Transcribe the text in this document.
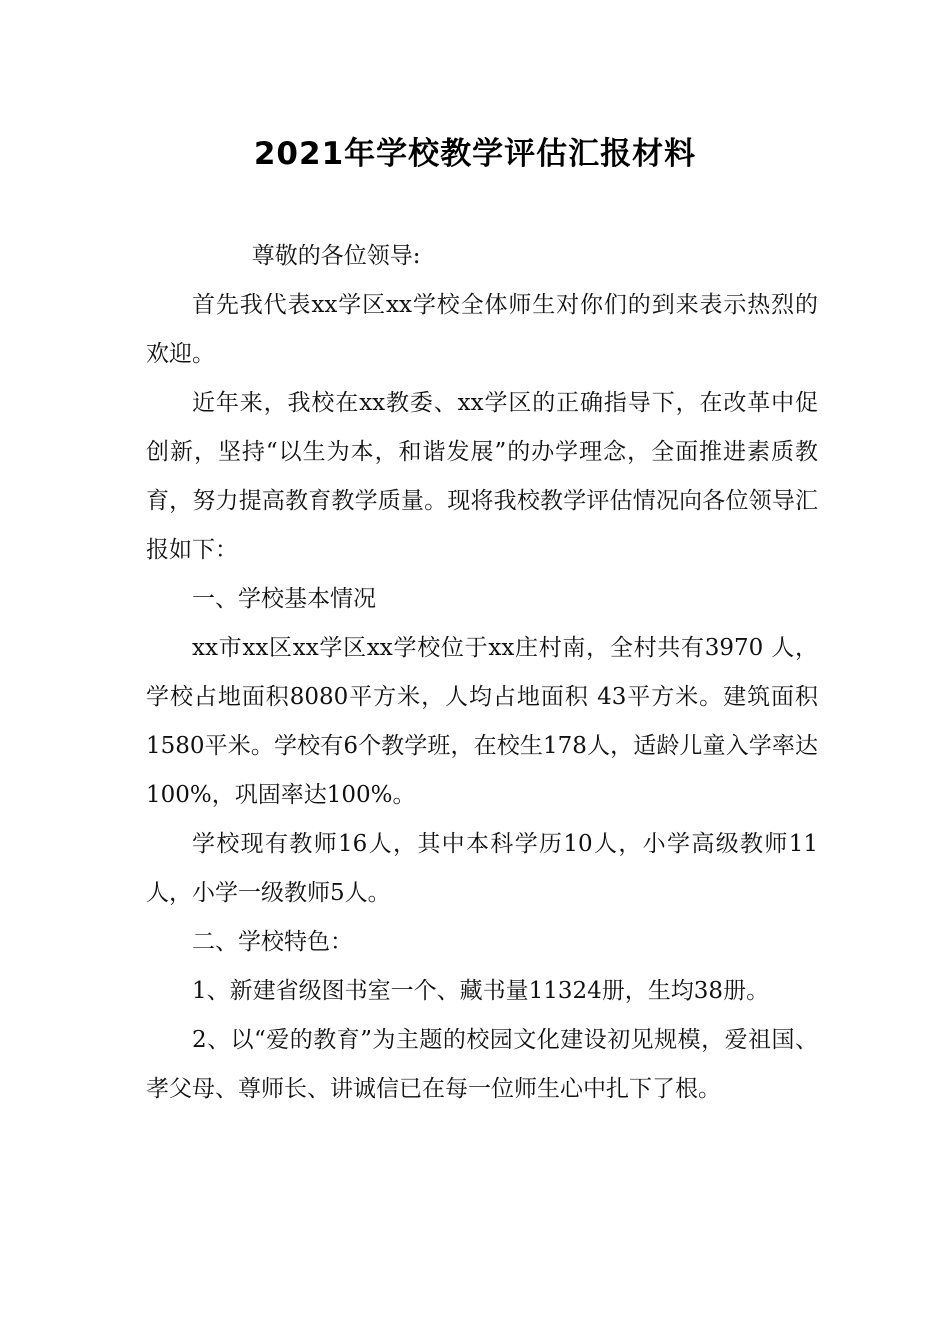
2021年学校教学评估汇报材料

尊敬的各位领导:

首先我代表xx学区xx学校全体师生对你们的到来表示热烈的欢迎。

近年来，我校在xx教委、xx学区的正确指导下，在改革中促创新，坚持“以生为本，和谐发展”的办学理念，全面推进素质教育，努力提高教育教学质量。现将我校教学评估情况向各位领导汇报如下：

一、学校基本情况

xx市xx区xx学区xx学校位于xx庄村南，全村共有3970 人，学校占地面积8080平方米，人均占地面积 43平方米。建筑面积1580平米。学校有6个教学班，在校生178人，适龄儿童入学率达100%，巩固率达100%。

学校现有教师16人，其中本科学历10人，小学高级教师11人，小学一级教师5人。

二、学校特色：

1、新建省级图书室一个、藏书量11324册，生均38册。

2、以“爱的教育”为主题的校园文化建设初见规模，爱祖国、孝父母、尊师长、讲诚信已在每一位师生心中扎下了根。
